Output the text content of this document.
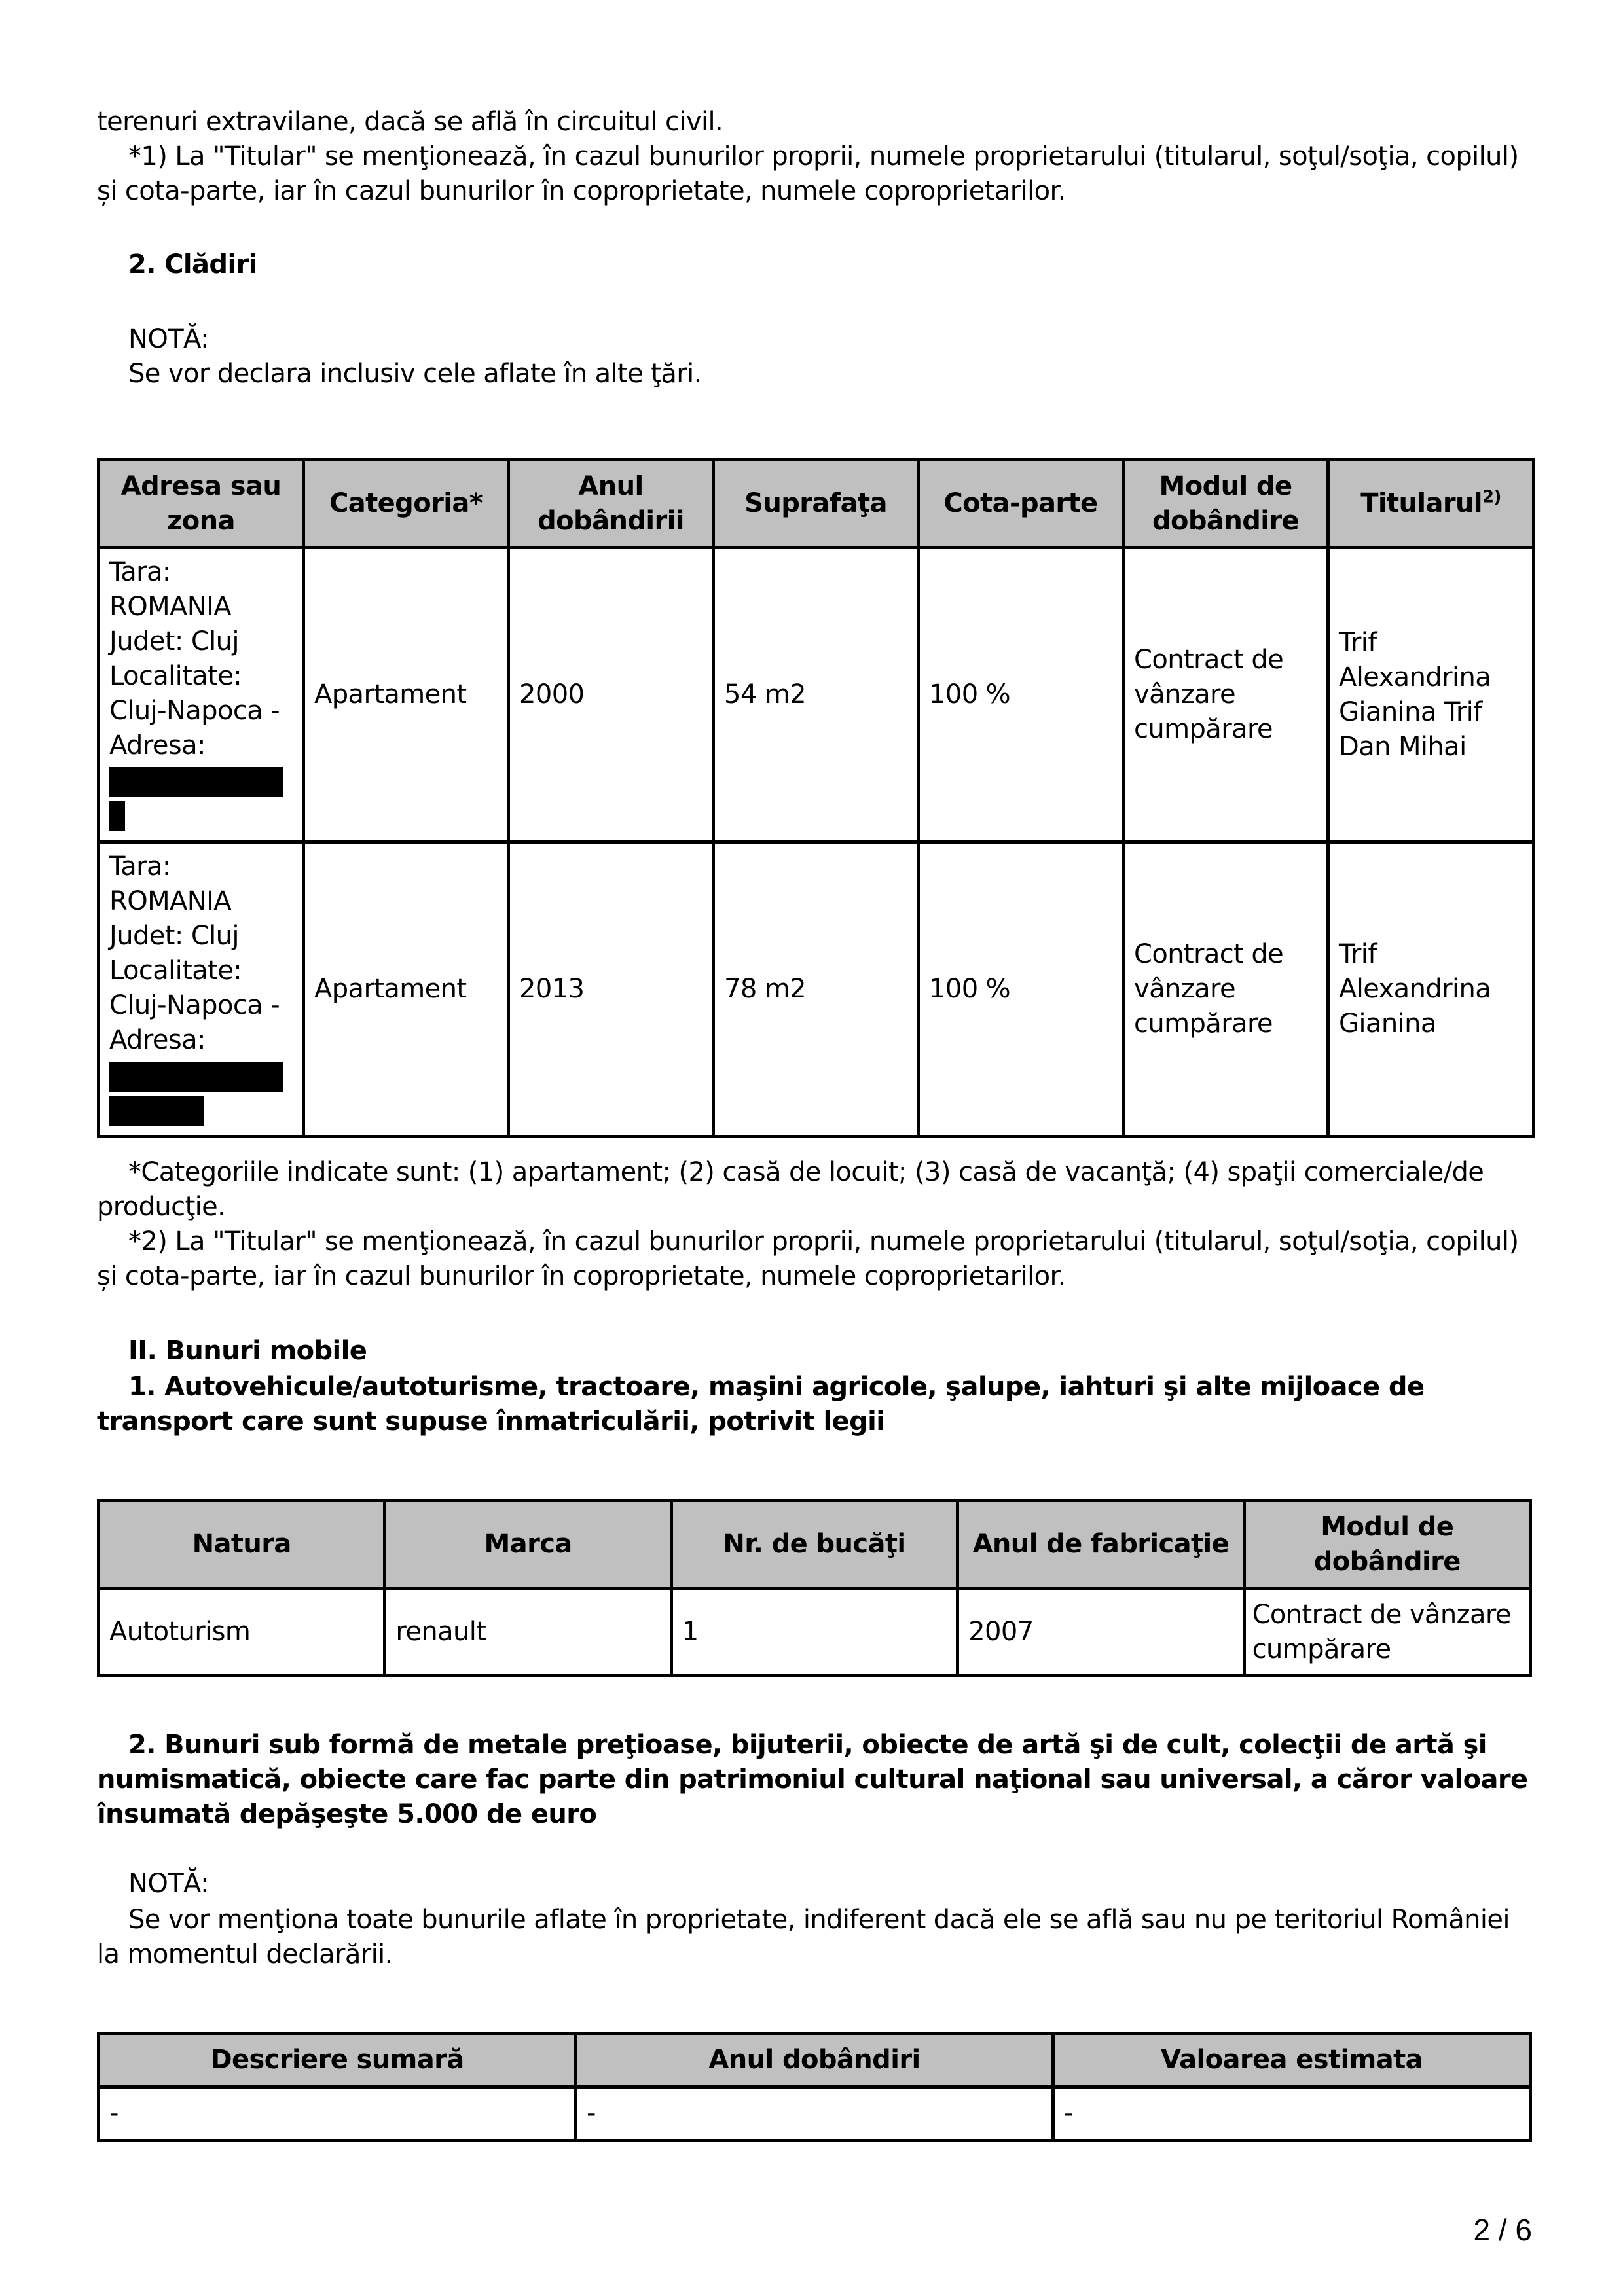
terenuri extravilane, dacă se află în circuitul civil.

*1) La "Titular" se menţionează, în cazul bunurilor proprii, numele proprietarului (titularul, soţul/soţia, copilul) și cota-parte, iar în cazul bunurilor în coproprietate, numele coproprietarilor.

2. Clădiri

NOTĂ:

Se vor declara inclusiv cele aflate în alte ţări.

Adresa sau zona	Categoria*	Anul dobândirii	Suprafaţa	Cota-parte	Modul de dobândire	Titularul$^{2)}$

Tara:
ROMANIA
Judet: Cluj
Localitate:
Cluj-Napoca -
Adresa:
	Apartament	2000	54 m2	100 %	Contract de vânzare cumpărare	Trif Alexandrina Gianina Trif Dan Mihai

Tara:
ROMANIA
Judet: Cluj
Localitate:
Cluj-Napoca -
Adresa:
	Apartament	2013	78 m2	100 %	Contract de vânzare cumpărare	Trif Alexandrina Gianina

*Categoriile indicate sunt: (1) apartament; (2) casă de locuit; (3) casă de vacanţă; (4) spaţii comerciale/de producţie.

*2) La "Titular" se menţionează, în cazul bunurilor proprii, numele proprietarului (titularul, soţul/soţia, copilul) și cota-parte, iar în cazul bunurilor în coproprietate, numele coproprietarilor.

II. Bunuri mobile

1. Autovehicule/autoturisme, tractoare, maşini agricole, şalupe, iahturi şi alte mijloace de transport care sunt supuse înmatriculării, potrivit legii

Natura	Marca	Nr. de bucăţi	Anul de fabricaţie	Modul de dobândire
Autoturism	renault	1	2007	Contract de vânzare cumpărare

2. Bunuri sub formă de metale preţioase, bijuterii, obiecte de artă şi de cult, colecţii de artă şi numismatică, obiecte care fac parte din patrimoniul cultural naţional sau universal, a căror valoare însumată depăşeşte 5.000 de euro

NOTĂ:

Se vor menţiona toate bunurile aflate în proprietate, indiferent dacă ele se află sau nu pe teritoriul României la momentul declarării.

Descriere sumară	Anul dobândiri	Valoarea estimata
-	-	-
2 / 6
